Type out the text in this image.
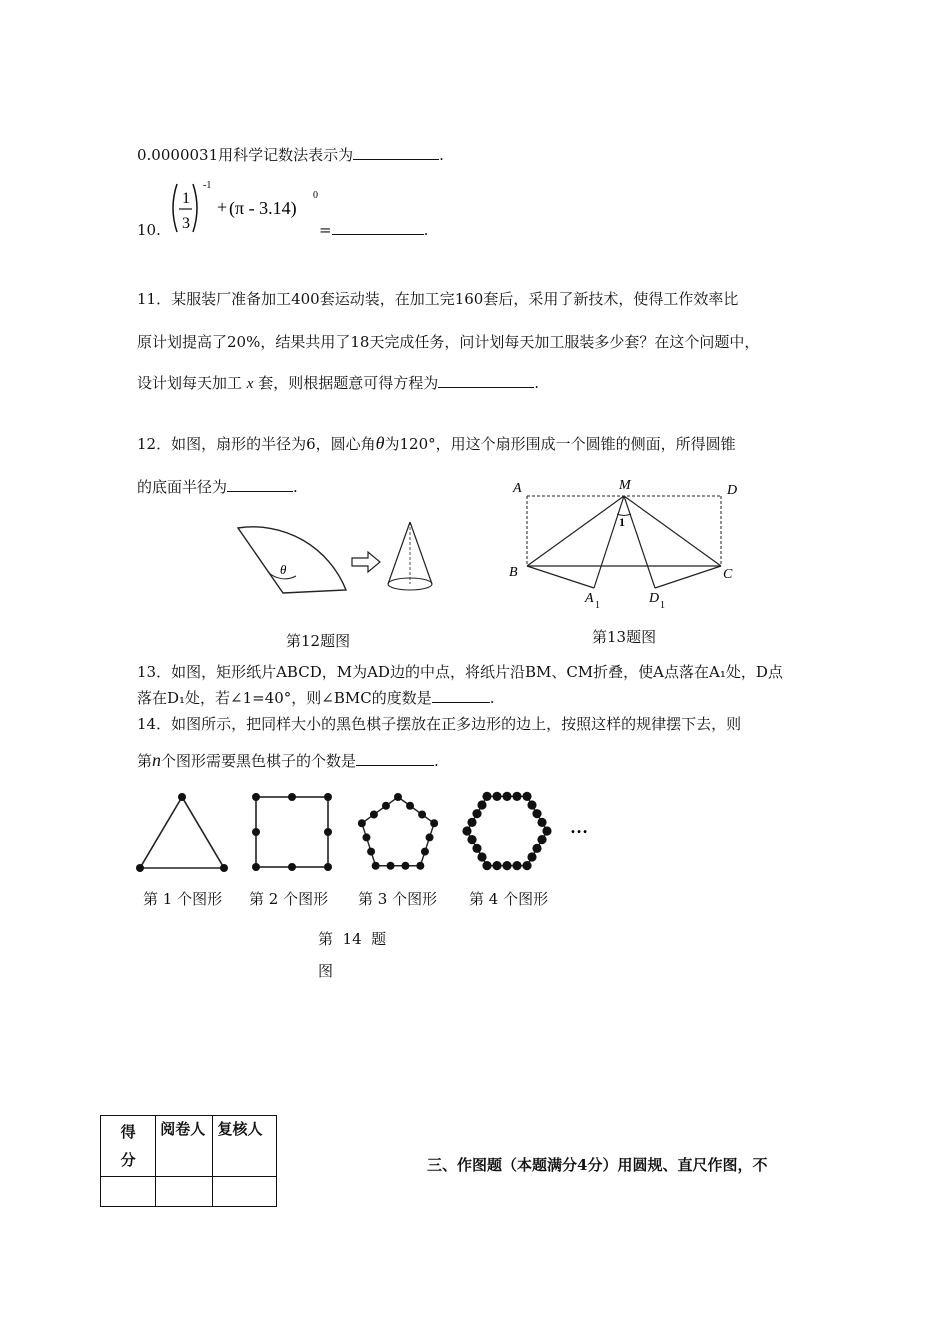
0.0000031用科学记数法表示为	.
10.
1
3
-1
+ (π - 3.14)
0
=	.
11．某服装厂准备加工400套运动装，在加工完160套后，采用了新技术，使得工作效率比
原计划提高了20%，结果共用了18天完成任务，问计划每天加工服装多少套？在这个问题中，
设计划每天加工 x 套，则根据题意可得方程为	.
12．如图，扇形的半径为6，圆心角θ为120°，用这个扇形围成一个圆锥的侧面，所得圆锥
的底面半径为	.
θ
第12题图
1
A	M	D
B	C
A 1	D 1
第13题图
13．如图，矩形纸片ABCD，M为AD边的中点，将纸片沿BM、CM折叠，使A点落在A₁处，D点
落在D₁处，若∠1=40°，则∠BMC的度数是	.
14．如图所示，把同样大小的黑色棋子摆放在正多边形的边上，按照这样的规律摆下去，则
第n个图形需要黑色棋子的个数是	.
…
第 1 个图形 第 2 个图形 第 3 个图形 第 4 个图形
第  14  题
图
得分	阅卷人	复核人

三、作图题（本题满分4分）用圆规、直尺作图，不
